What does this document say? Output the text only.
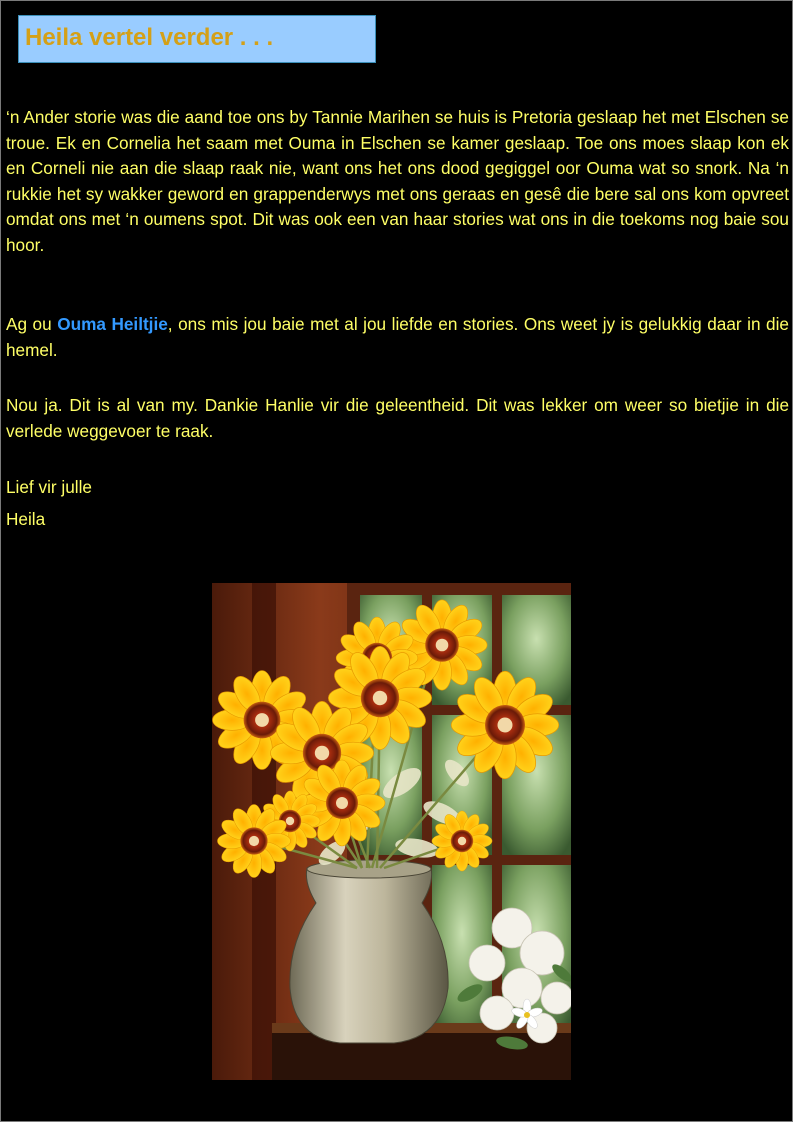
Heila vertel verder . . .

‘n Ander storie was die aand toe ons by Tannie Marihen se huis is Pretoria geslaap het met Elschen se troue. Ek en Cornelia het saam met Ouma in Elschen se kamer geslaap. Toe ons moes slaap kon ek en Corneli nie aan die slaap raak nie, want ons het ons dood gegiggel oor Ouma wat so snork. Na ‘n rukkie het sy wakker geword en grappenderwys met ons geraas en gesê die bere sal ons kom opvreet omdat ons met ‘n oumens spot. Dit was ook een van haar stories wat ons in die toekoms nog baie sou hoor.

Ag ou Ouma Heiltjie, ons mis jou baie met al jou liefde en stories. Ons weet jy is gelukkig daar in die hemel.

Nou ja. Dit is al van my. Dankie Hanlie vir die geleentheid. Dit was lekker om weer so bietjie in die verlede weggevoer te raak.

Lief vir julle

Heila
